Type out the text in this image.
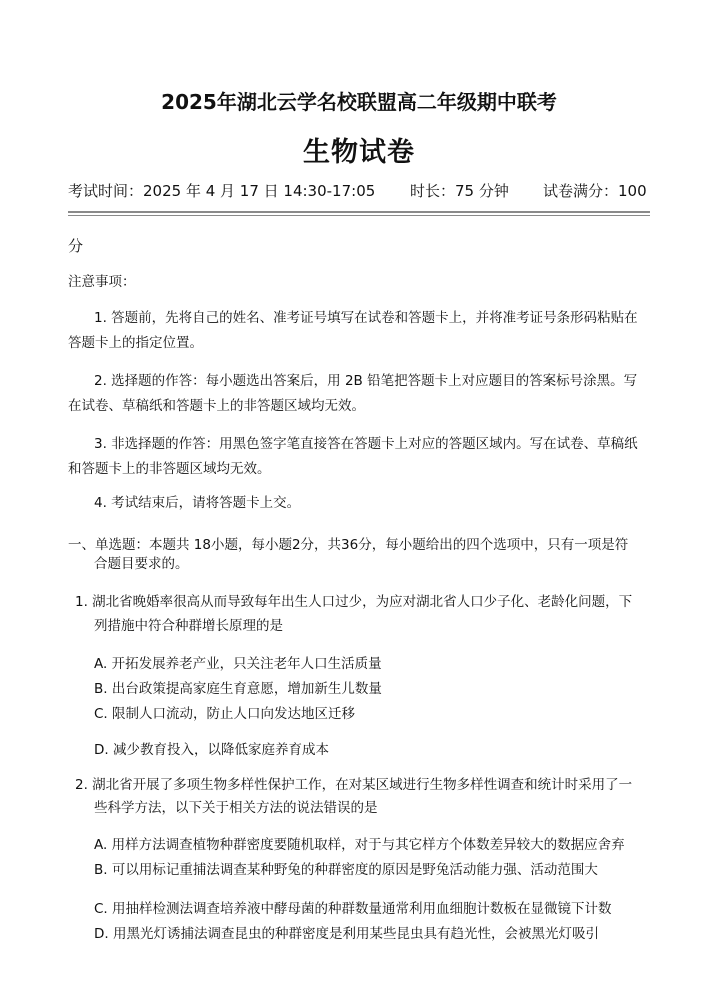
2025年湖北云学名校联盟高二年级期中联考
生物试卷
考试时间：2025 年 4 月 17 日 14:30-17:05 时长：75 分钟 试卷满分：100
分
注意事项：
1. 答题前，先将自己的姓名、准考证号填写在试卷和答题卡上，并将准考证号条形码粘贴在
答题卡上的指定位置。
2. 选择题的作答：每小题选出答案后，用 2B 铅笔把答题卡上对应题目的答案标号涂黑。写
在试卷、草稿纸和答题卡上的非答题区域均无效。
3. 非选择题的作答：用黑色签字笔直接答在答题卡上对应的答题区域内。写在试卷、草稿纸
和答题卡上的非答题区域均无效。
4. 考试结束后，请将答题卡上交。
一、单选题：本题共 18小题，每小题2分，共36分，每小题给出的四个选项中，只有一项是符
合题目要求的。
1. 湖北省晚婚率很高从而导致每年出生人口过少，为应对湖北省人口少子化、老龄化问题，下
列措施中符合种群增长原理的是
A. 开拓发展养老产业，只关注老年人口生活质量
B. 出台政策提高家庭生育意愿，增加新生儿数量
C. 限制人口流动，防止人口向发达地区迁移
D. 减少教育投入，以降低家庭养育成本
2. 湖北省开展了多项生物多样性保护工作，在对某区域进行生物多样性调查和统计时采用了一
些科学方法，以下关于相关方法的说法错误的是
A. 用样方法调查植物种群密度要随机取样，对于与其它样方个体数差异较大的数据应舍弃
B. 可以用标记重捕法调查某种野兔的种群密度的原因是野兔活动能力强、活动范围大
C. 用抽样检测法调查培养液中酵母菌的种群数量通常利用血细胞计数板在显微镜下计数
D. 用黑光灯诱捕法调查昆虫的种群密度是利用某些昆虫具有趋光性，会被黑光灯吸引
